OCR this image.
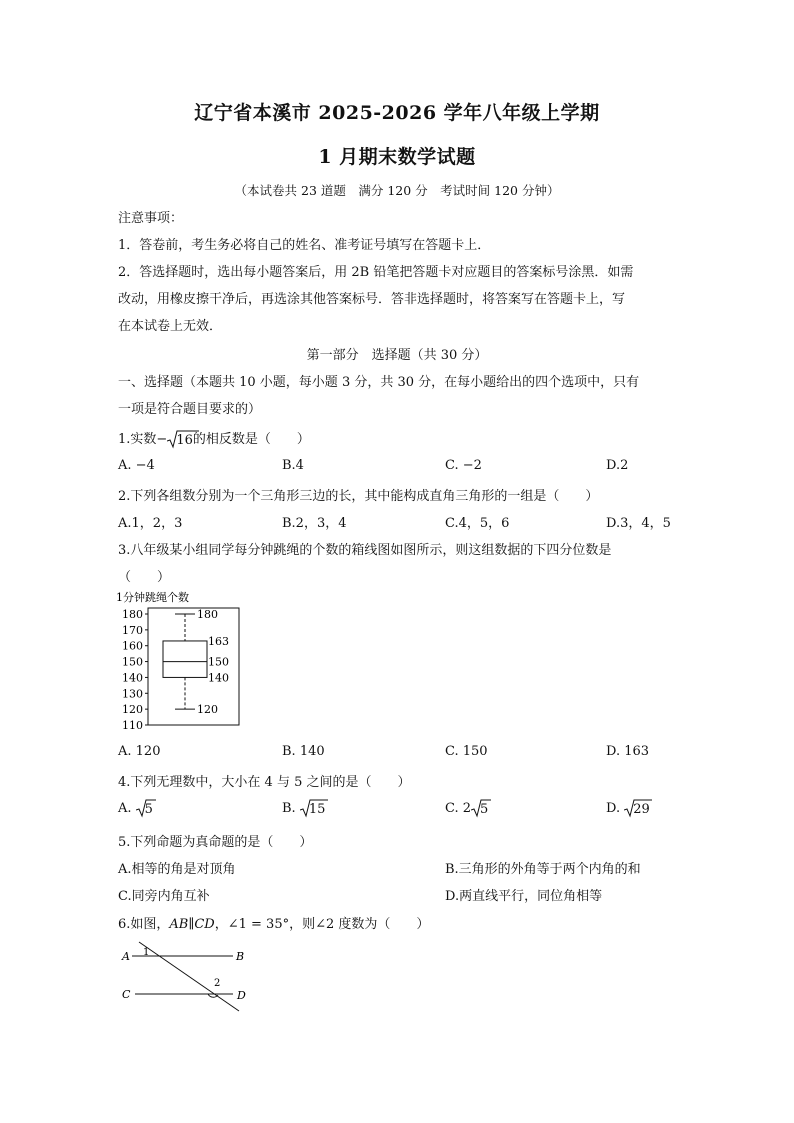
辽宁省本溪市 2025-2026 学年八年级上学期
1 月期末数学试题
（本试卷共 23 道题　满分 120 分　考试时间 120 分钟）
注意事项：
1．答卷前，考生务必将自己的姓名、准考证号填写在答题卡上．
2．答选择题时，选出每小题答案后，用 2B 铅笔把答题卡对应题目的答案标号涂黑．如需
改动，用橡皮擦干净后，再选涂其他答案标号．答非选择题时，将答案写在答题卡上，写
在本试卷上无效．
第一部分　选择题（共 30 分）
一、选择题（本题共 10 小题，每小题 3 分，共 30 分，在每小题给出的四个选项中，只有
一项是符合题目要求的）
1.实数− 16的相反数是（　　）
A. −4	B.4	C. −2	D.2
2.下列各组数分别为一个三角形三边的长，其中能构成直角三角形的一组是（　　）
A.1，2，3	B.2，3，4	C.4，5，6	D.3，4，5
3.八年级某小组同学每分钟跳绳的个数的箱线图如图所示，则这组数据的下四分位数是
（　　）
1分钟跳绳个数
110
120
130
140
150
160
170
180	180
163
150
140
120
A. 120	B. 140	C. 150	D. 163
4.下列无理数中，大小在 4 与 5 之间的是（　　）
A. 5	B. 15	C. 2 5	D. 29
5.下列命题为真命题的是（　　）
A.相等的角是对顶角	B.三角形的外角等于两个内角的和
C.同旁内角互补	D.两直线平行，同位角相等
6.如图，AB∥CD，∠1 = 35°，则∠2 度数为（　　）
A	B
C	D
1
2
